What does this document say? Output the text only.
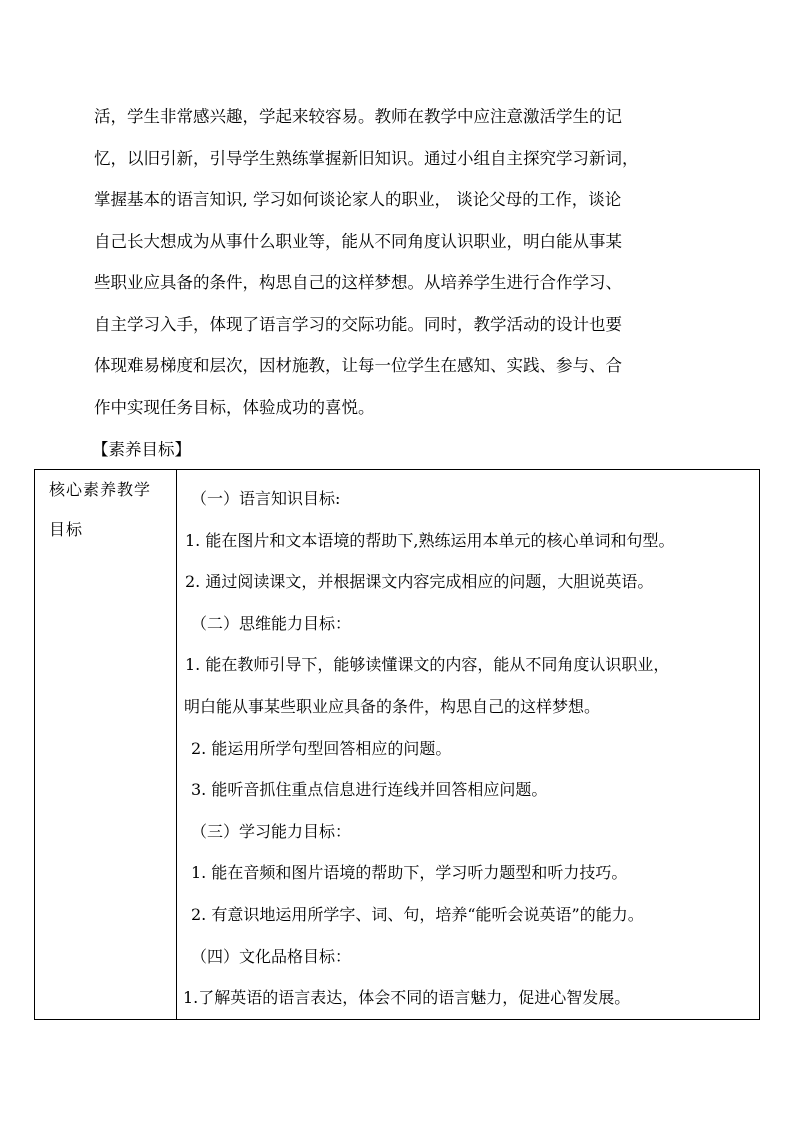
活，学生非常感兴趣，学起来较容易。教师在教学中应注意激活学生的记
忆，以旧引新，引导学生熟练掌握新旧知识。通过小组自主探究学习新词，
掌握基本的语言知识, 学习如何谈论家人的职业， 谈论父母的工作，谈论
自己长大想成为从事什么职业等，能从不同角度认识职业，明白能从事某
些职业应具备的条件，构思自己的这样梦想。从培养学生进行合作学习、
自主学习入手，体现了语言学习的交际功能。同时，教学活动的设计也要
体现难易梯度和层次，因材施教，让每一位学生在感知、实践、参与、合
作中实现任务目标，体验成功的喜悦。
【素养目标】
核心素养教学
目标

（一）语言知识目标:
1. 能在图片和文本语境的帮助下,熟练运用本单元的核心单词和句型。
2. 通过阅读课文，并根据课文内容完成相应的问题，大胆说英语。
（二）思维能力目标：
1. 能在教师引导下，能够读懂课文的内容，能从不同角度认识职业，
明白能从事某些职业应具备的条件，构思自己的这样梦想。
2. 能运用所学句型回答相应的问题。
3. 能听音抓住重点信息进行连线并回答相应问题。
（三）学习能力目标：
1. 能在音频和图片语境的帮助下，学习听力题型和听力技巧。
2. 有意识地运用所学字、词、句，培养“能听会说英语”的能力。
（四）文化品格目标：
1.了解英语的语言表达，体会不同的语言魅力，促进心智发展。
